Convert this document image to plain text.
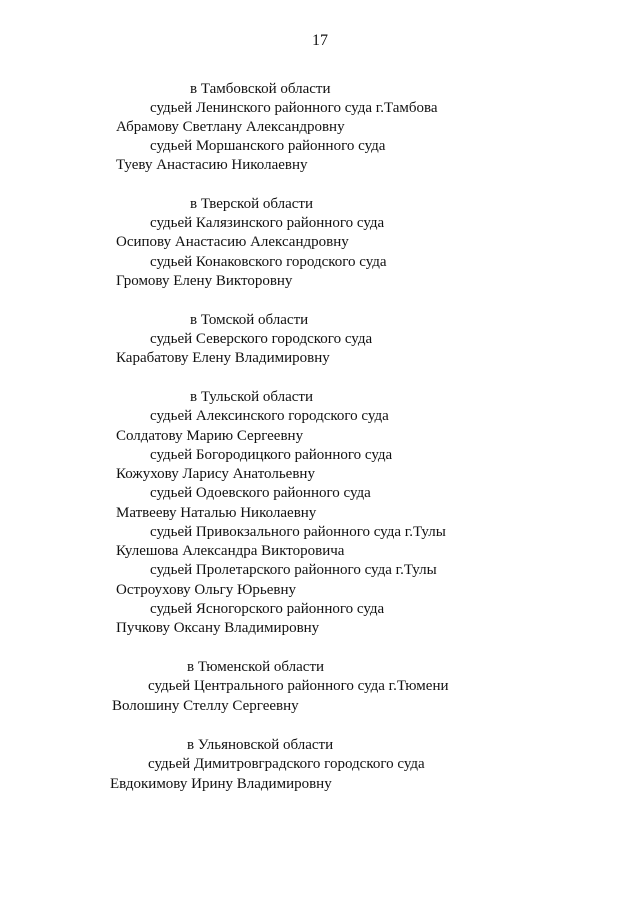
17
в Тамбовской области
судьей Ленинского районного суда г.Тамбова
Абрамову Светлану Александровну
судьей Моршанского районного суда
Туеву Анастасию Николаевну
в Тверской области
судьей Калязинского районного суда
Осипову Анастасию Александровну
судьей Конаковского городского суда
Громову Елену Викторовну
в Томской области
судьей Северского городского суда
Карабатову Елену Владимировну
в Тульской области
судьей Алексинского городского суда
Солдатову Марию Сергеевну
судьей Богородицкого районного суда
Кожухову Ларису Анатольевну
судьей Одоевского районного суда
Матвееву Наталью Николаевну
судьей Привокзального районного суда г.Тулы
Кулешова Александра Викторовича
судьей Пролетарского районного суда г.Тулы
Остроухову Ольгу Юрьевну
судьей Ясногорского районного суда
Пучкову Оксану Владимировну
в Тюменской области
судьей Центрального районного суда г.Тюмени
Волошину Стеллу Сергеевну
в Ульяновской области
судьей Димитровградского городского суда
Евдокимову Ирину Владимировну
